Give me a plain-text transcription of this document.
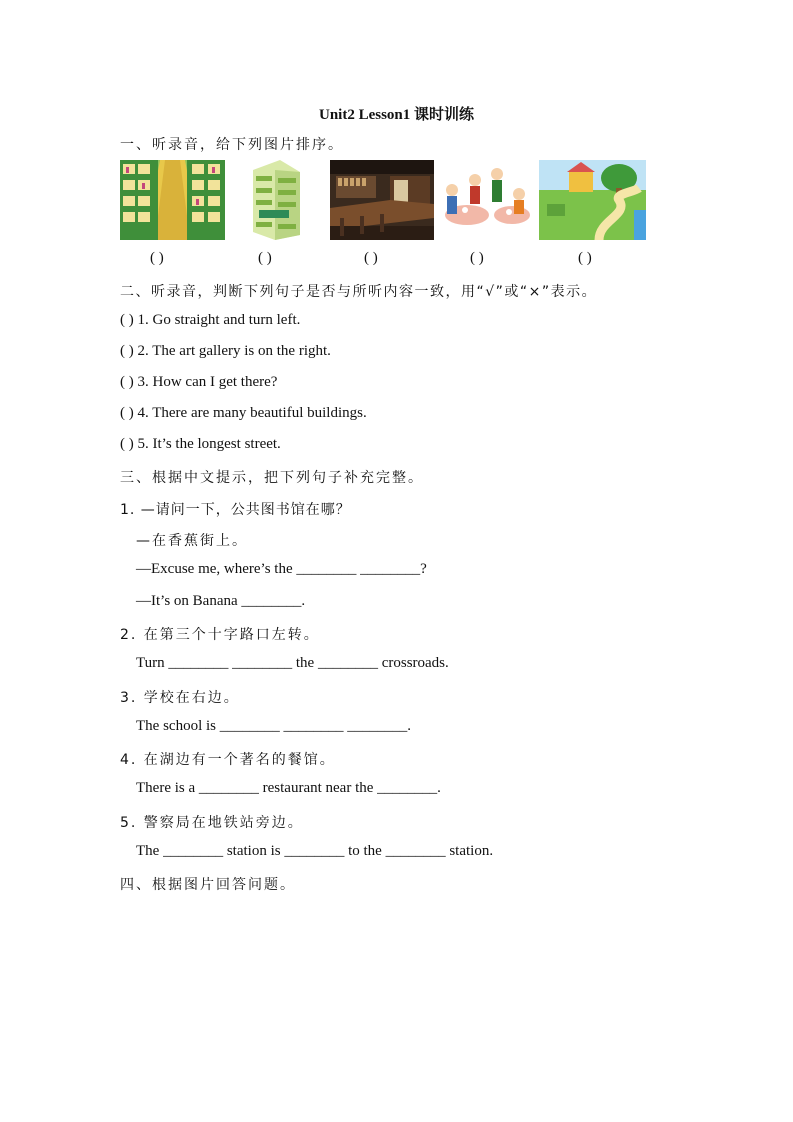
Unit2 Lesson1 课时训练
一、听录音，给下列图片排序。
( )	( )	( )	( )	( )
二、听录音，判断下列句子是否与所听内容一致，用“√”或“×”表示。
( ) 1. Go straight and turn left.
( ) 2. The art gallery is on the right.
( ) 3. How can I get there?
( ) 4. There are many beautiful buildings.
( ) 5. It’s the longest street.
三、根据中文提示，把下列句子补充完整。
1. —请问一下，公共图书馆在哪？
—在香蕉街上。
—Excuse me, where’s the ________ ________?
—It’s on Banana ________.
2. 在第三个十字路口左转。
Turn ________ ________ the ________ crossroads.
3. 学校在右边。
The school is ________ ________ ________.
4. 在湖边有一个著名的餐馆。
There is a ________ restaurant near the ________.
5. 警察局在地铁站旁边。
The ________ station is ________ to the ________ station.
四、根据图片回答问题。
